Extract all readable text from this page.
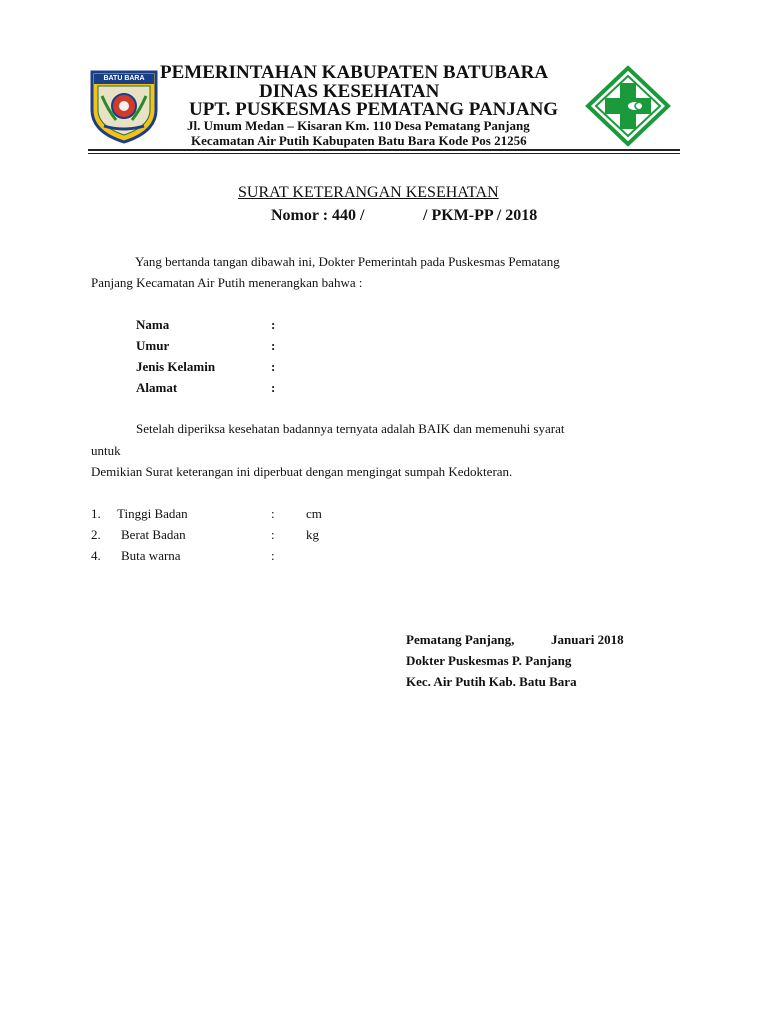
BATU BARA PEMERINTAHAN KABUPATEN BATUBARA
DINAS KESEHATAN
UPT. PUSKESMAS PEMATANG PANJANG
Jl. Umum Medan – Kisaran Km. 110 Desa Pematang Panjang
Kecamatan Air Putih Kabupaten Batu Bara Kode Pos 21256
SURAT KETERANGAN KESEHATAN
Nomor : 440 /	/ PKM-PP / 2018
Yang bertanda tangan dibawah ini, Dokter Pemerintah pada Puskesmas Pematang
Panjang Kecamatan Air Putih menerangkan bahwa :
Nama	:
Umur	:
Jenis Kelamin	:
Alamat	:
Setelah diperiksa kesehatan badannya ternyata adalah BAIK dan memenuhi syarat
untuk
Demikian Surat keterangan ini diperbuat dengan mengingat sumpah Kedokteran.
1. Tinggi Badan	: cm
2. Berat Badan	: kg
4. Buta warna	:
Pematang Panjang,	Januari 2018
Dokter Puskesmas P. Panjang
Kec. Air Putih Kab. Batu Bara
